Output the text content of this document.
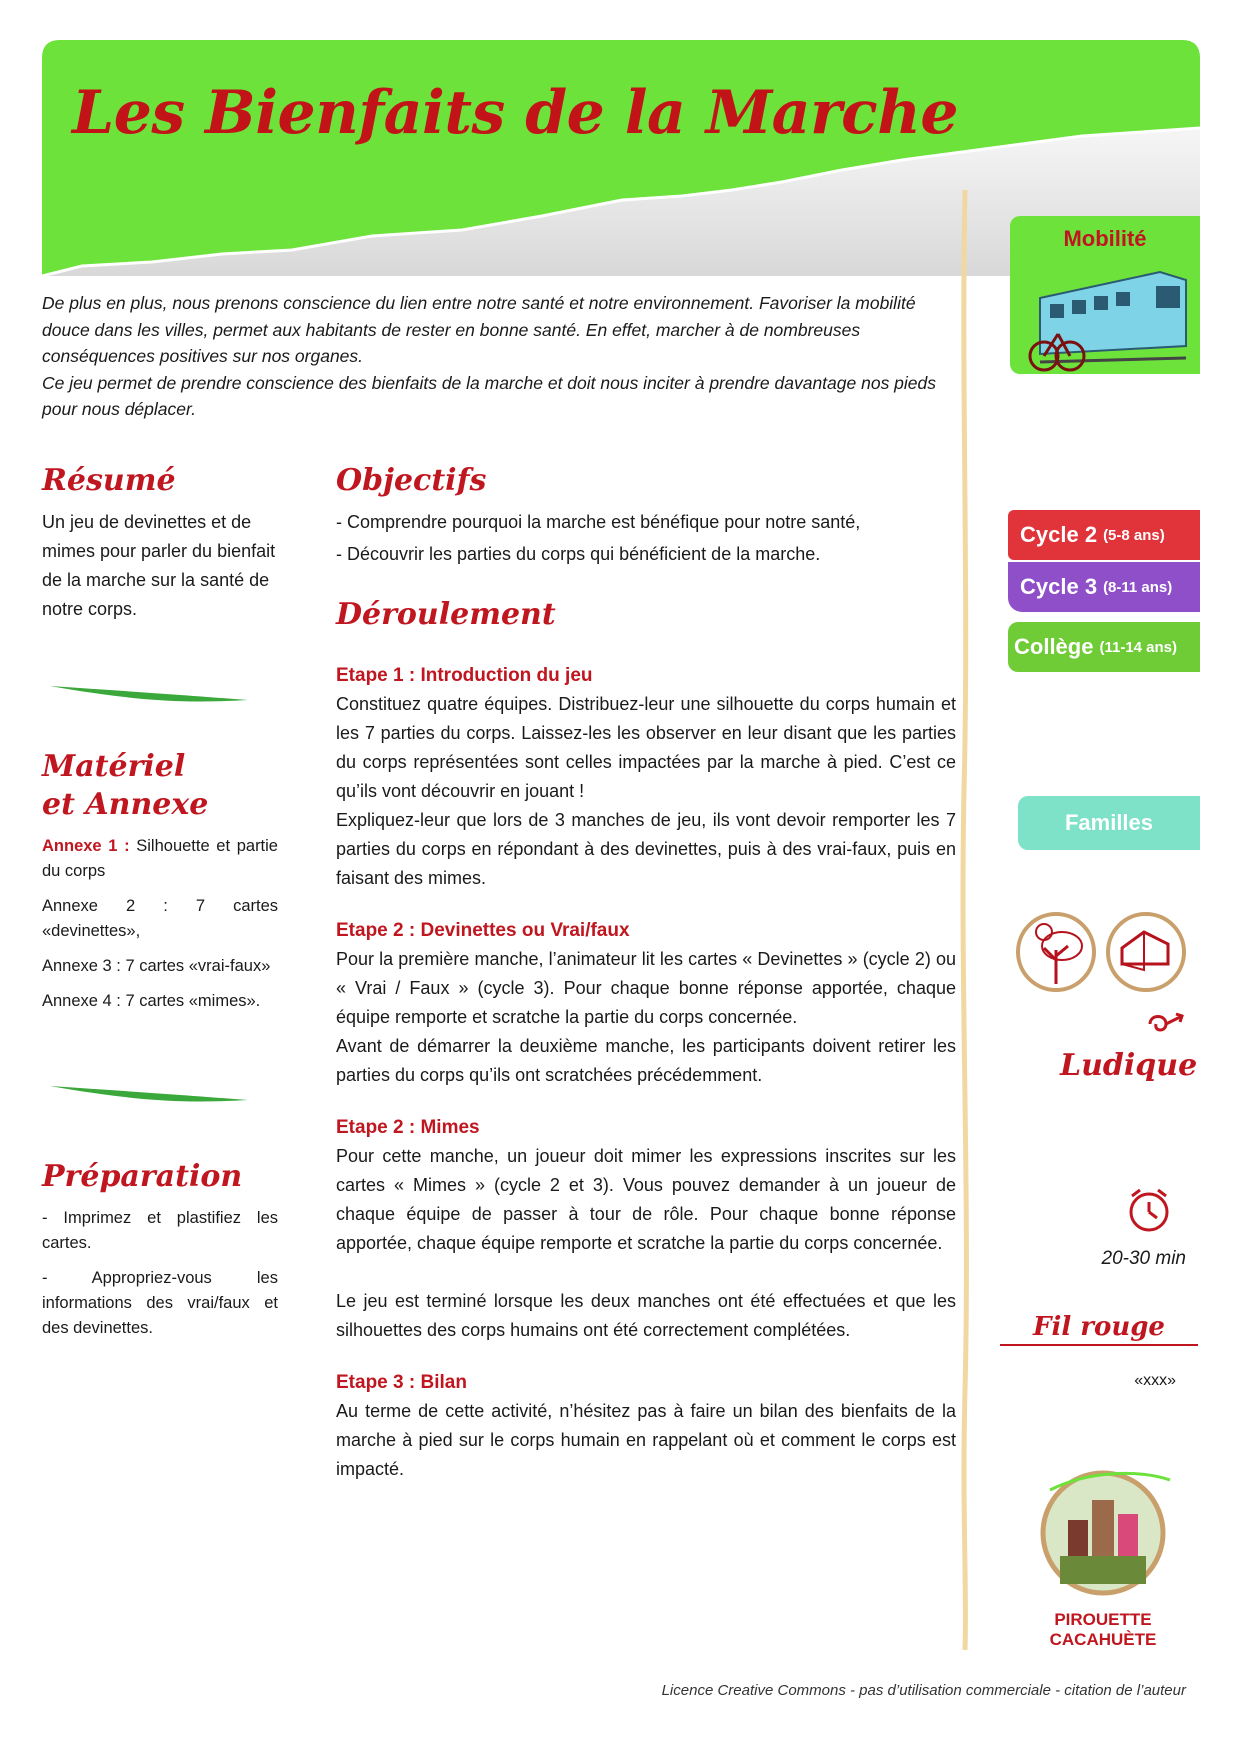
Les Bienfaits de la Marche

De plus en plus, nous prenons conscience du lien entre notre santé et notre environnement. Favoriser la mobilité douce dans les villes, permet aux habitants de rester en bonne santé. En effet, marcher à de nombreuses conséquences positives sur nos organes.

Ce jeu permet de prendre conscience des bienfaits de la marche et doit nous inciter à prendre davantage nos pieds pour nous déplacer.

Résumé

Un jeu de devinettes et de mimes pour parler du bienfait de la marche sur la santé de notre corps.

Matériel
et Annexe

Annexe 1 : Silhouette et partie du corps

Annexe 2 : 7 cartes «devinettes»,

Annexe 3 : 7 cartes «vrai-faux»

Annexe 4 : 7 cartes «mimes».

Préparation

- Imprimez et plastifiez les cartes.

- Appropriez-vous les informations des vrai/faux et des devinettes.

Objectifs

- Comprendre pourquoi la marche est bénéfique pour notre santé,

- Découvrir les parties du corps qui bénéficient de la marche.

Déroulement

Etape 1 : Introduction du jeu

Constituez quatre équipes. Distribuez-leur une silhouette du corps humain et les 7 parties du corps. Laissez-les les observer en leur disant que les parties du corps représentées sont celles impactées par la marche à pied. C’est ce qu’ils vont découvrir en jouant !

Expliquez-leur que lors de 3 manches de jeu, ils vont devoir remporter les 7 parties du corps en répondant à des devinettes, puis à des vrai-faux, puis en faisant des mimes.

Etape 2 : Devinettes ou Vrai/faux

Pour la première manche, l’animateur lit les cartes « Devinettes » (cycle 2) ou « Vrai / Faux » (cycle 3). Pour chaque bonne réponse apportée, chaque équipe remporte et scratche la partie du corps concernée.

Avant de démarrer la deuxième manche, les participants doivent retirer les parties du corps qu’ils ont scratchées précédemment.

Etape 2 : Mimes

Pour cette manche, un joueur doit mimer les expressions inscrites sur les cartes « Mimes » (cycle 2 et 3). Vous pouvez demander à un joueur de chaque équipe de passer à tour de rôle. Pour chaque bonne réponse apportée, chaque équipe remporte et scratche la partie du corps concernée.

Le jeu est terminé lorsque les deux manches ont été effectuées et que les silhouettes des corps humains ont été correctement complétées.

Etape 3 : Bilan

Au terme de cette activité, n’hésitez pas à faire un bilan des bienfaits de la marche à pied sur le corps humain en rappelant où et comment le corps est impacté.

Mobilité
Cycle 2 (5-8 ans)
Cycle 3 (8-11 ans)
Collège (11-14 ans)
Familles
Ludique
20-30 min
Fil rouge
«xxx»
PIROUETTE
CACAHUÈTE
Licence Creative Commons - pas d’utilisation commerciale - citation de l’auteur
